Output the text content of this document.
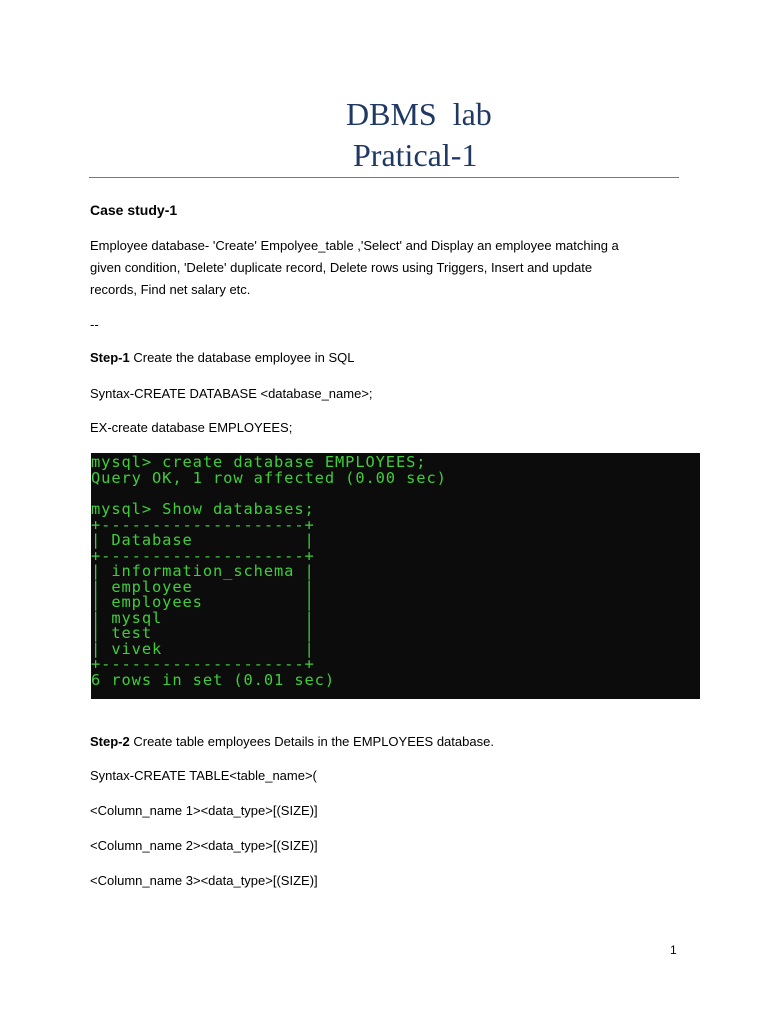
DBMS  lab
Pratical-1
Case study-1
Employee database- 'Create' Empolyee_table ,'Select' and Display an employee matching a
given condition, 'Delete' duplicate record, Delete rows using Triggers, Insert and update
records, Find net salary etc.
--
Step-1 Create the database employee in SQL
Syntax-CREATE DATABASE <database_name>;
EX-create database EMPLOYEES;
mysql> create database EMPLOYEES;
Query OK, 1 row affected (0.00 sec)
mysql> Show databases;
+--------------------+
| Database           |
+--------------------+
| information_schema |
| employee           |
| employees          |
| mysql              |
| test               |
| vivek              |
+--------------------+
6 rows in set (0.01 sec)
Step-2 Create table employees Details in the EMPLOYEES database.
Syntax-CREATE TABLE<table_name>(
<Column_name 1><data_type>[(SIZE)]
<Column_name 2><data_type>[(SIZE)]
<Column_name 3><data_type>[(SIZE)]
1
